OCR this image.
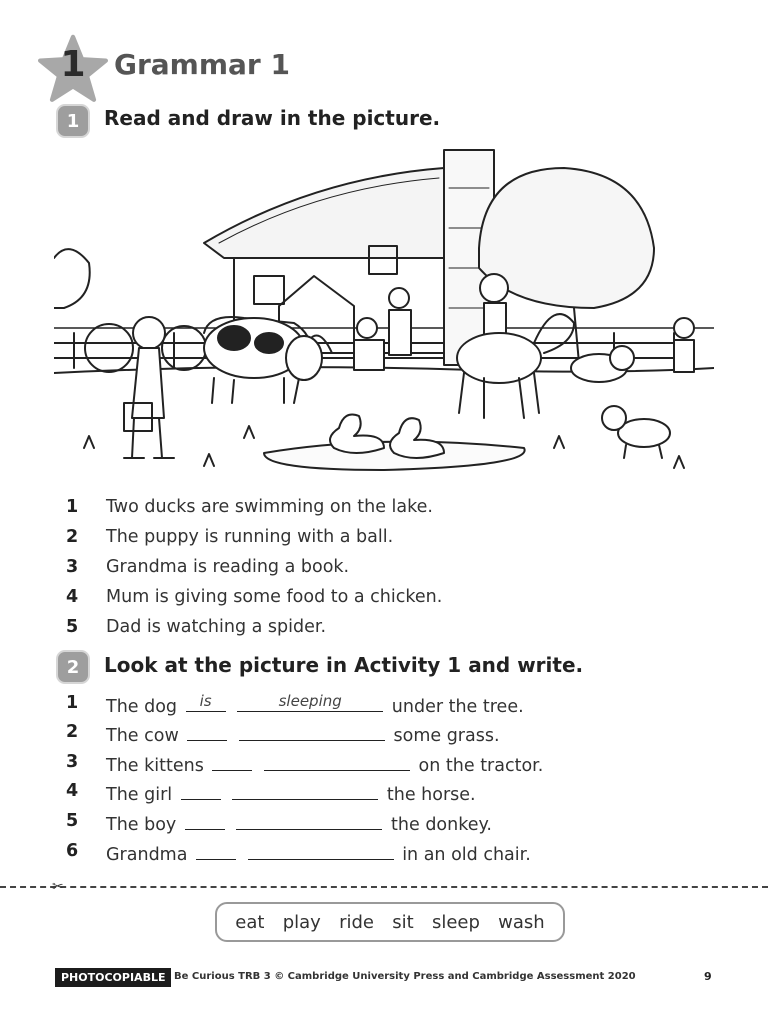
1	Grammar 1
1	Read and draw in the picture.
1 Two ducks are swimming on the lake.
2 The puppy is running with a ball.
3 Grandma is reading a book.
4 Mum is giving some food to a chicken.
5 Dad is watching a spider.
2	Look at the picture in Activity 1 and write.
1 The dog	is
	sleeping	under the tree.
2 The cow
	some grass.
3 The kittens
	on the tractor.
4 The girl
	the horse.
5 The boy
	the donkey.
6 Grandma
	in an old chair.
✂
eat play ride sit sleep wash
PHOTOCOPIABLE Be Curious TRB 3 © Cambridge University Press and Cambridge Assessment 2020	9
